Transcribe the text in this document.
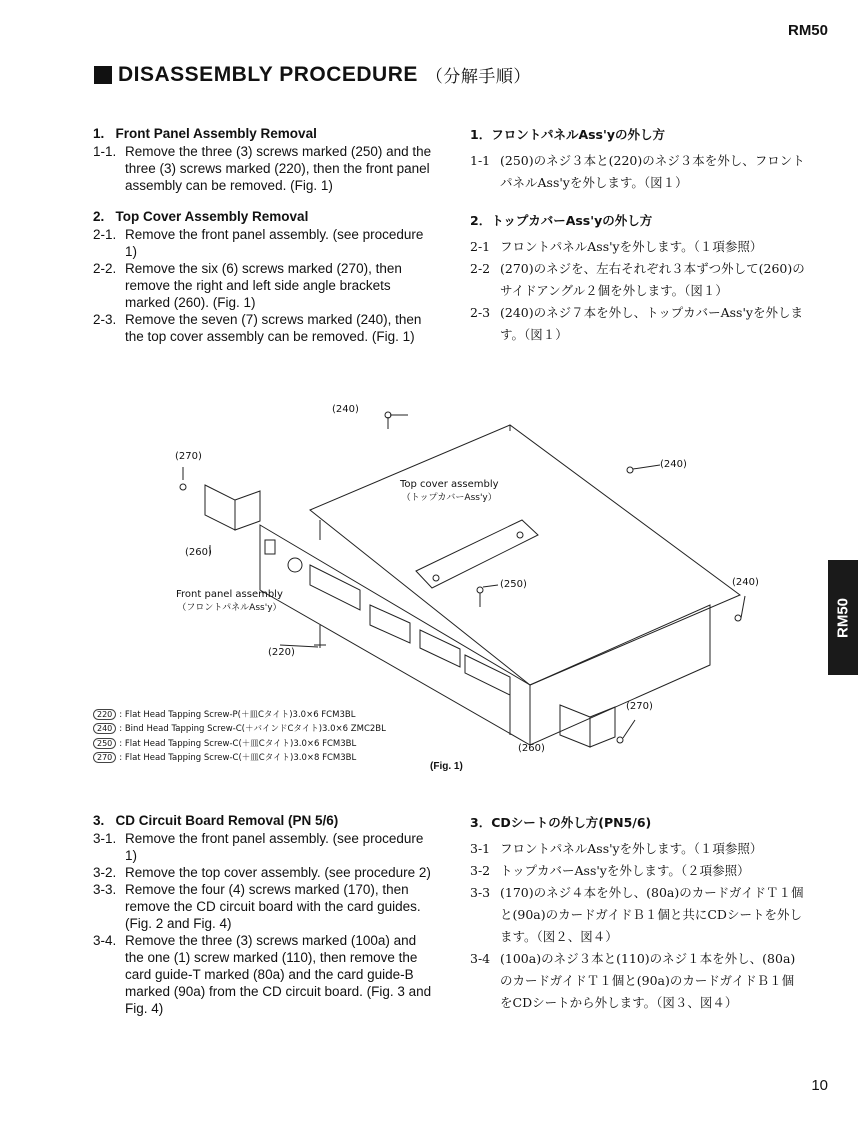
RM50
DISASSEMBLY PROCEDURE （分解手順）
1.   Front Panel Assembly Removal
1-1. Remove the three (3) screws marked (250) and the three (3) screws marked (220), then the front panel assembly can be removed. (Fig. 1)
2.   Top Cover Assembly Removal
2-1. Remove the front panel assembly. (see procedure 1)
2-2. Remove the six (6) screws marked (270), then remove the right and left side angle brackets marked (260). (Fig. 1)
2-3. Remove the seven (7) screws marked (240), then the top cover assembly can be removed. (Fig. 1)
1．フロントパネルAss'yの外し方
1-1 (250)のネジ３本と(220)のネジ３本を外し、フロントパネルAss'yを外します。（図１）
2．トップカバーAss'yの外し方
2-1 フロントパネルAss'yを外します。（１項参照）
2-2 (270)のネジを、左右それぞれ３本ずつ外して(260)のサイドアングル２個を外します。（図１）
2-3 (240)のネジ７本を外し、トップカバーAss'yを外します。（図１）
(240)
(240)
(240)
(270)
(270)
(260)
(260)
(250)
(220)
Top cover assembly
（トップカバーAss'y）
Front panel assembly
（フロントパネルAss'y）
220 : Flat Head Tapping Screw-P(＋皿Cタイト)3.0×6 FCM3BL
240 : Bind Head Tapping Screw-C(＋バインドCタイト)3.0×6 ZMC2BL
250 : Flat Head Tapping Screw-C(＋皿Cタイト)3.0×6 FCM3BL
270 : Flat Head Tapping Screw-C(＋皿Cタイト)3.0×8 FCM3BL
(Fig. 1)
3.   CD Circuit Board Removal (PN 5/6)
3-1. Remove the front panel assembly. (see procedure 1)
3-2. Remove the top cover assembly. (see procedure 2)
3-3. Remove the four (4) screws marked (170), then remove the CD circuit board with the card guides. (Fig. 2 and Fig. 4)
3-4. Remove the three (3) screws marked (100a) and the one (1) screw marked (110), then remove the card guide-T marked (80a) and the card guide-B marked (90a) from the CD circuit board. (Fig. 3 and Fig. 4)
3．CDシートの外し方(PN5/6)
3-1 フロントパネルAss'yを外します。（１項参照）
3-2 トップカバーAss'yを外します。（２項参照）
3-3 (170)のネジ４本を外し、(80a)のカードガイドＴ１個と(90a)のカードガイドＢ１個と共にCDシートを外します。（図２、図４）
3-4 (100a)のネジ３本と(110)のネジ１本を外し、(80a)のカードガイドＴ１個と(90a)のカードガイドＢ１個をCDシートから外します。（図３、図４）
RM50
10
